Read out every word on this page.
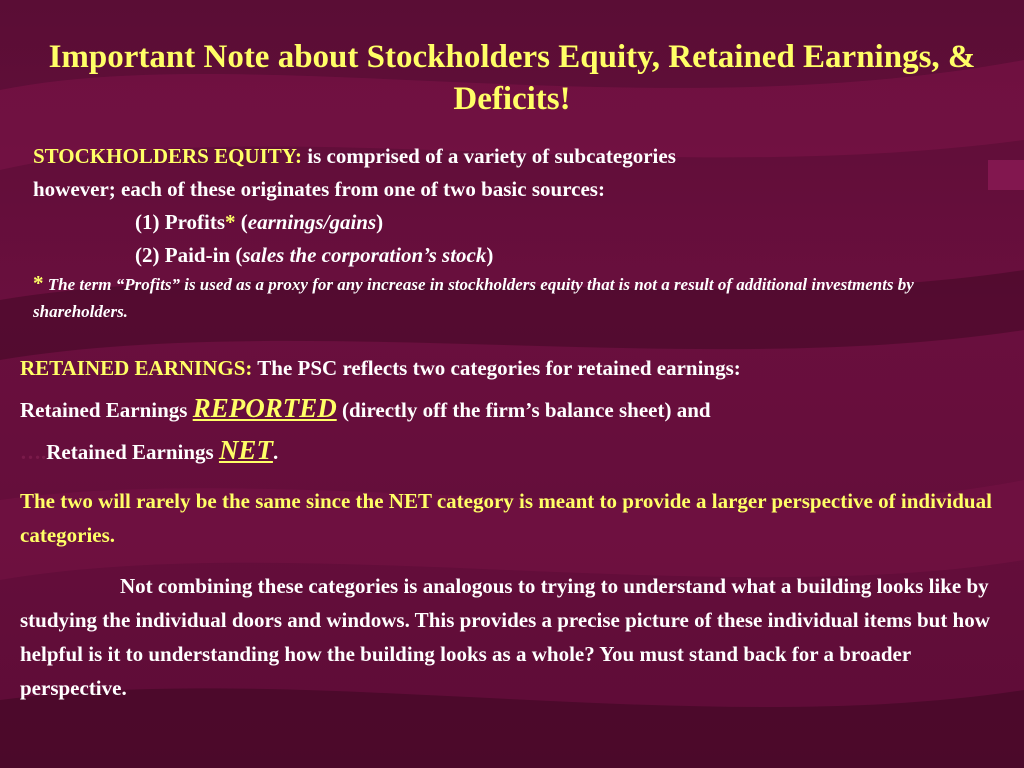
Important Note about Stockholders Equity, Retained Earnings, & Deficits!
STOCKHOLDERS EQUITY: is comprised of a variety of subcategories
however; each of these originates from one of two basic sources:
(1) Profits* (earnings/gains)
(2) Paid-in (sales the corporation’s stock)
* The term “Profits” is used as a proxy for any increase in stockholders equity that is not a result of additional investments by shareholders.
RETAINED EARNINGS: The PSC reflects two categories for retained earnings:
Retained Earnings REPORTED (directly off the firm’s balance sheet) and
….Retained Earnings NET.
The two will rarely be the same since the NET category is meant to provide a larger perspective of individual categories.
Not combining these categories is analogous to trying to understand what a building looks like by studying the individual doors and windows. This provides a precise picture of these individual items but how helpful is it to understanding how the building looks as a whole? You must stand back for a broader perspective.
